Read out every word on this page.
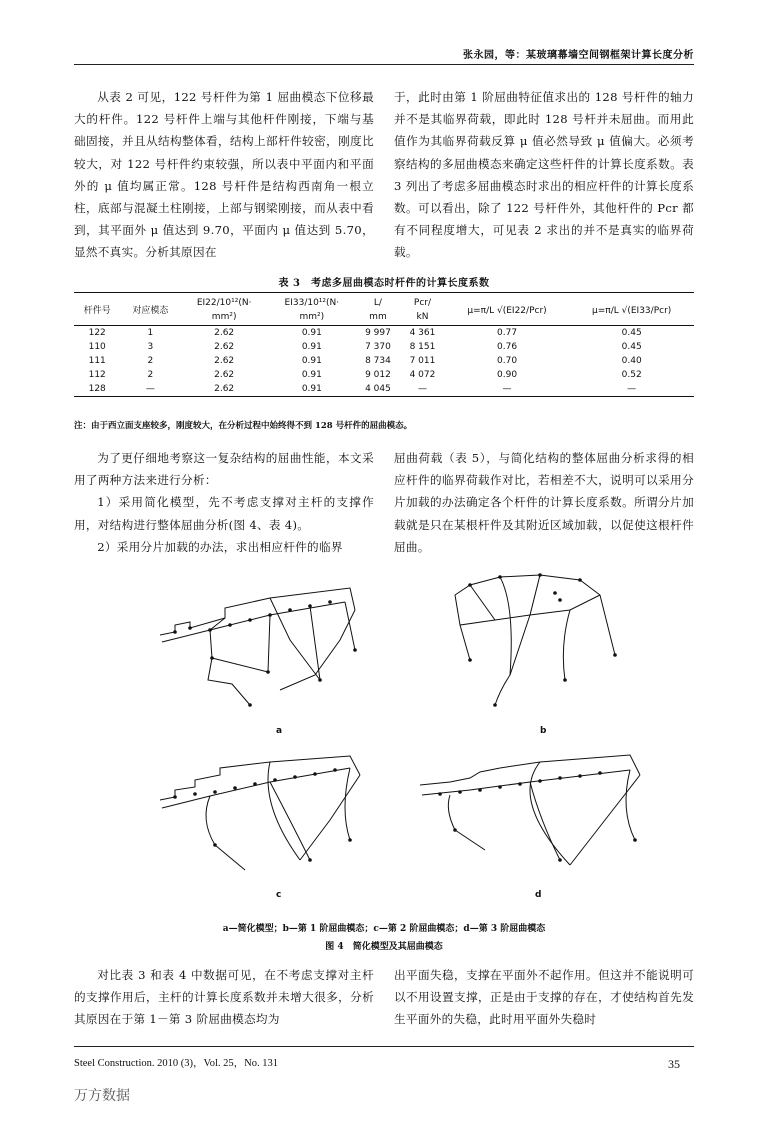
张永园，等：某玻璃幕墙空间钢框架计算长度分析

从表 2 可见，122 号杆件为第 1 屈曲模态下位移最大的杆件。122 号杆件上端与其他杆件刚接，下端与基础固接，并且从结构整体看，结构上部杆件较密，刚度比较大，对 122 号杆件约束较强，所以表中平面内和平面外的 μ 值均属正常。128 号杆件是结构西南角一根立柱，底部与混凝土柱刚接，上部与钢梁刚接，而从表中看到，其平面外 μ 值达到 9.70，平面内 μ 值达到 5.70，显然不真实。分析其原因在

于，此时由第 1 阶屈曲特征值求出的 128 号杆件的轴力并不是其临界荷载，即此时 128 号杆并未屈曲。而用此值作为其临界荷载反算 μ 值必然导致 μ 值偏大。必须考察结构的多屈曲模态来确定这些杆件的计算长度系数。表 3 列出了考虑多屈曲模态时求出的相应杆件的计算长度系数。可以看出，除了 122 号杆件外，其他杆件的 Pcr 都有不同程度增大，可见表 2 求出的并不是真实的临界荷载。

表 3　考虑多屈曲模态时杆件的计算长度系数
杆件号	对应模态	EI22/10¹²(N·	EI33/10¹²(N·	L/	Pcr/	μ=π/L √(EI22/Pcr)	μ=π/L √(EI33/Pcr)
		mm²)	mm²)	mm	kN		
122	1	2.62	0.91	9 997	4 361	0.77	0.45
110	3	2.62	0.91	7 370	8 151	0.76	0.45
111	2	2.62	0.91	8 734	7 011	0.70	0.40
112	2	2.62	0.91	9 012	4 072	0.90	0.52
128	—	2.62	0.91	4 045	—	—	—
注：由于西立面支座较多，刚度较大，在分析过程中始终得不到 128 号杆件的屈曲模态。

为了更仔细地考察这一复杂结构的屈曲性能，本文采用了两种方法来进行分析：

1）采用简化模型，先不考虑支撑对主杆的支撑作用，对结构进行整体屈曲分析(图 4、表 4)。

2）采用分片加载的办法，求出相应杆件的临界

屈曲荷载（表 5），与简化结构的整体屈曲分析求得的相应杆件的临界荷载作对比，若相差不大，说明可以采用分片加载的办法确定各个杆件的计算长度系数。所谓分片加载就是只在某根杆件及其附近区域加载，以促使这根杆件屈曲。

a	b
c	d
a—简化模型；b—第 1 阶屈曲模态；c—第 2 阶屈曲模态；d—第 3 阶屈曲模态
图 4　简化模型及其屈曲模态

对比表 3 和表 4 中数据可见，在不考虑支撑对主杆的支撑作用后，主杆的计算长度系数并未增大很多，分析其原因在于第 1－第 3 阶屈曲模态均为

出平面失稳，支撑在平面外不起作用。但这并不能说明可以不用设置支撑，正是由于支撑的存在，才使结构首先发生平面外的失稳，此时用平面外失稳时

Steel Construction. 2010 (3)，Vol. 25，No. 131	35
万方数据
